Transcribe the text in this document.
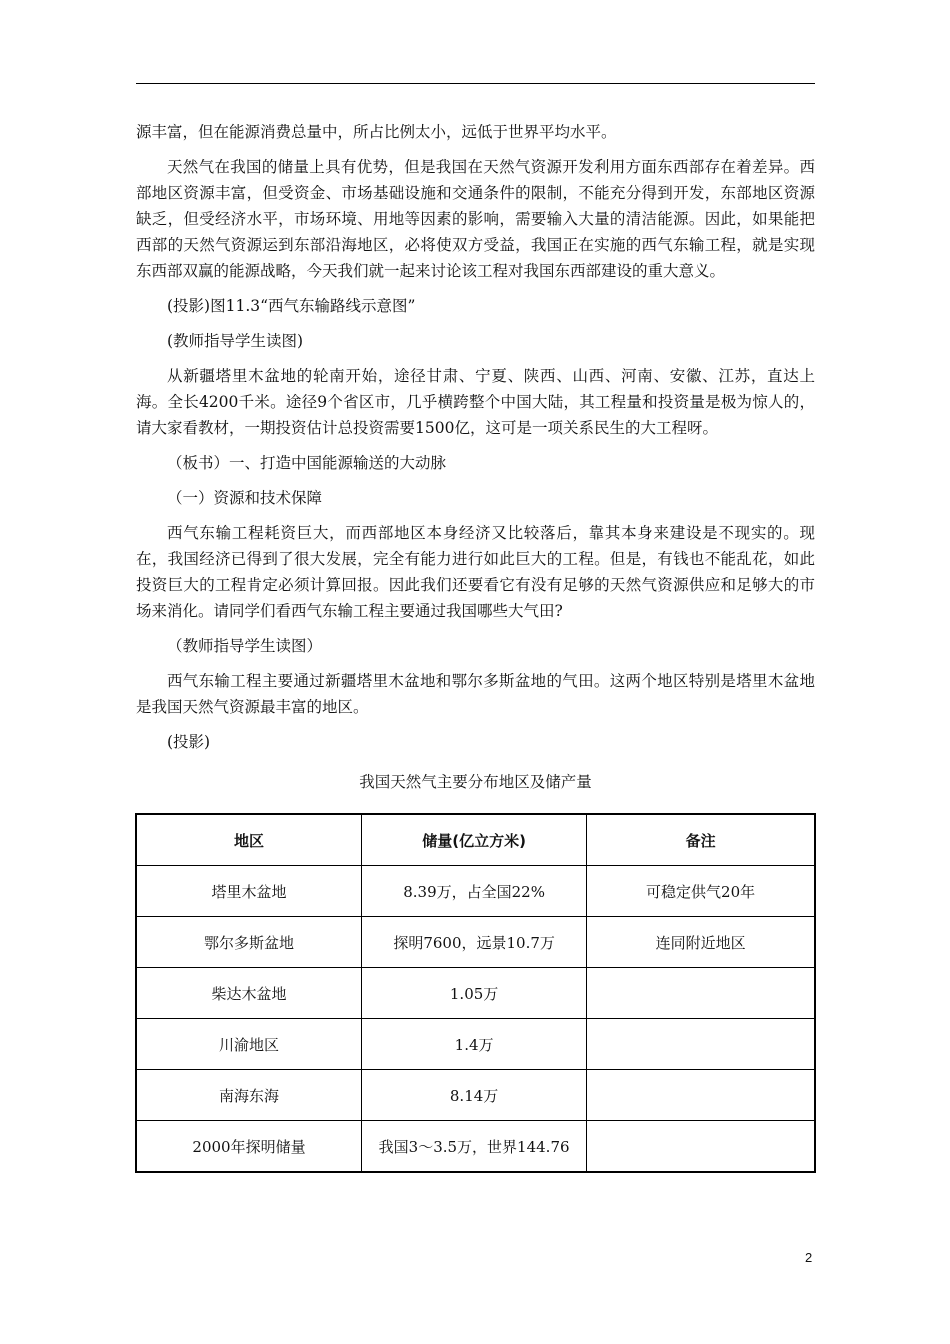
源丰富，但在能源消费总量中，所占比例太小，远低于世界平均水平。

天然气在我国的储量上具有优势，但是我国在天然气资源开发利用方面东西部存在着差异。西部地区资源丰富，但受资金、市场基础设施和交通条件的限制，不能充分得到开发，东部地区资源缺乏，但受经济水平，市场环境、用地等因素的影响，需要输入大量的清洁能源。因此，如果能把西部的天然气资源运到东部沿海地区，必将使双方受益，我国正在实施的西气东输工程，就是实现东西部双赢的能源战略，今天我们就一起来讨论该工程对我国东西部建设的重大意义。

(投影)图11.3“西气东输路线示意图”

(教师指导学生读图)

从新疆塔里木盆地的轮南开始，途径甘肃、宁夏、陕西、山西、河南、安徽、江苏，直达上海。全长4200千米。途径9个省区市，几乎横跨整个中国大陆，其工程量和投资量是极为惊人的，请大家看教材，一期投资估计总投资需要1500亿，这可是一项关系民生的大工程呀。

（板书）一、打造中国能源输送的大动脉

（一）资源和技术保障

西气东输工程耗资巨大，而西部地区本身经济又比较落后，靠其本身来建设是不现实的。现在，我国经济已得到了很大发展，完全有能力进行如此巨大的工程。但是，有钱也不能乱花，如此投资巨大的工程肯定必须计算回报。因此我们还要看它有没有足够的天然气资源供应和足够大的市场来消化。请同学们看西气东输工程主要通过我国哪些大气田?

（教师指导学生读图）

西气东输工程主要通过新疆塔里木盆地和鄂尔多斯盆地的气田。这两个地区特别是塔里木盆地是我国天然气资源最丰富的地区。

(投影)

我国天然气主要分布地区及储产量

地区	储量(亿立方米)	备注
塔里木盆地	8.39万，占全国22%	可稳定供气20年
鄂尔多斯盆地	探明7600，远景10.7万	连同附近地区
柴达木盆地	1.05万	
川渝地区	1.4万	
南海东海	8.14万	
2000年探明储量	我国3～3.5万，世界144.76	
2
